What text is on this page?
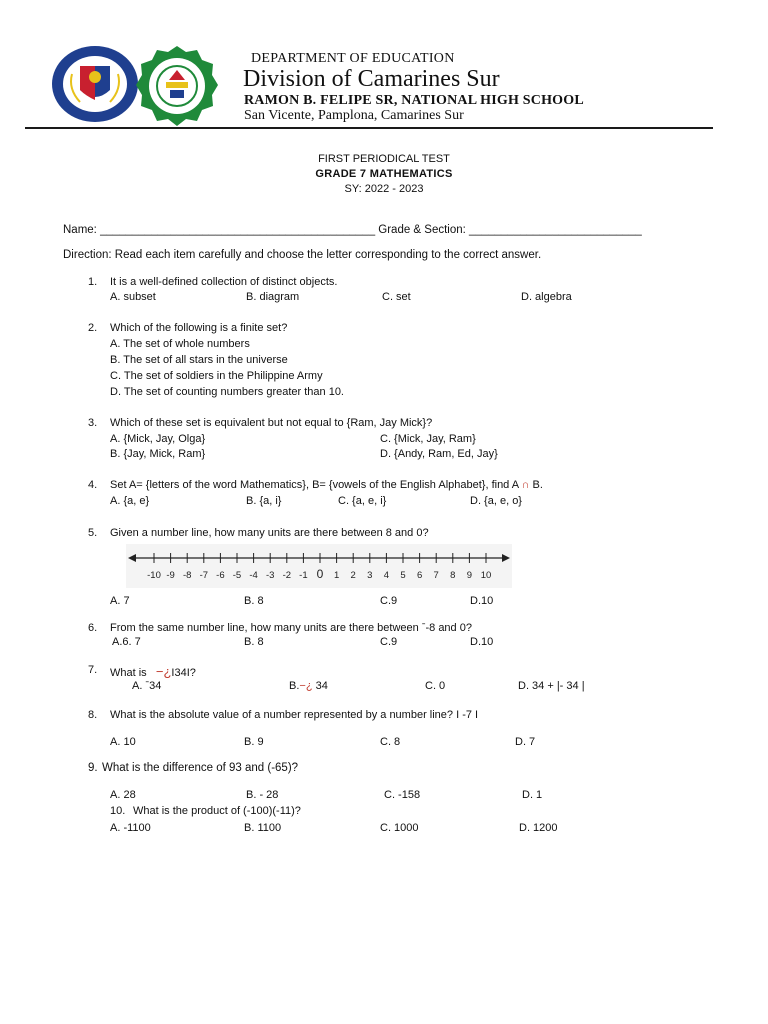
DEPARTMENT OF EDUCATION
Division of Camarines Sur
RAMON B. FELIPE SR, NATIONAL HIGH SCHOOL
San Vicente, Pamplona, Camarines Sur
FIRST PERIODICAL TEST
GRADE 7 MATHEMATICS
SY: 2022 - 2023
Name: ___________________________________________ Grade & Section: ___________________________
Direction: Read each item carefully and choose the letter corresponding to the correct answer.
1. It is a well-defined collection of distinct objects.
A. subset	B. diagram	C. set	D. algebra
2. Which of the following is a finite set?
A. The set of whole numbers
B. The set of all stars in the universe
C. The set of soldiers in the Philippine Army
D. The set of counting numbers greater than 10.
3. Which of these set is equivalent but not equal to {Ram, Jay Mick}?
A. {Mick, Jay, Olga}	C. {Mick, Jay, Ram}
B. {Jay, Mick, Ram}	D. {Andy, Ram, Ed, Jay}
4. Set A= {letters of the word Mathematics}, B= {vowels of the English Alphabet}, find A ∩ B.
A. {a, e}	B. {a, i}	C. {a, e, i}	D. {a, e, o}
5. Given a number line, how many units are there between 8 and 0?
-10 -9 -8 -7 -6 -5 -4 -3 -2 -1 0 1 2 3 4 5 6 7 8 9 10
A. 7	B. 8	C.9	D.10
6. From the same number line, how many units are there between ˉ-8 and 0?
A.6. 7	B. 8	C.9	D.10
7. What is −¿I34I?
A. ˉ34	B.−¿ 34	C. 0	D. 34 + |- 34 |
8. What is the absolute value of a number represented by a number line? I -7 I
A. 10	B. 9	C. 8	D. 7
9. What is the difference of 93 and (-65)?
A. 28	B. - 28	C. -158	D. 1
10. What is the product of (-100)(-11)?
A. -1100	B. 1100	C. 1000	D. 1200
